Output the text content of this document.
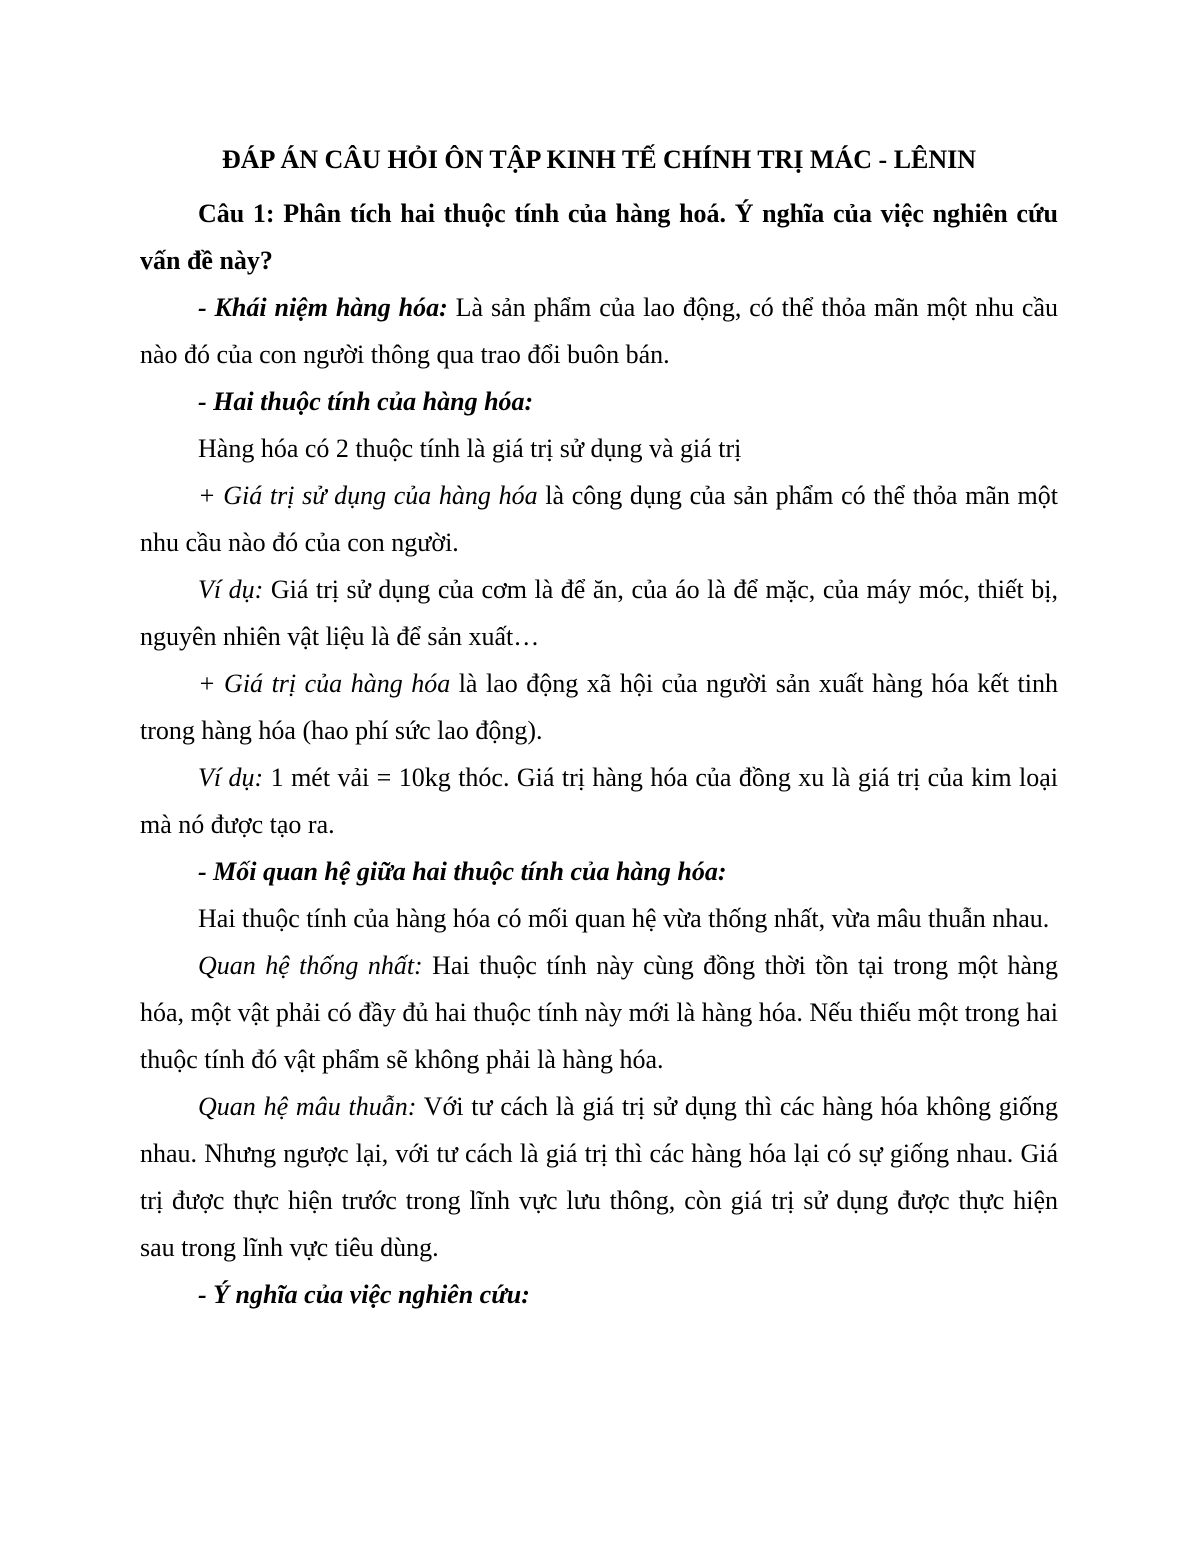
ĐÁP ÁN CÂU HỎI ÔN TẬP KINH TẾ CHÍNH TRỊ MÁC - LÊNIN

Câu 1: Phân tích hai thuộc tính của hàng hoá. Ý nghĩa của việc nghiên cứu vấn đề này?

- Khái niệm hàng hóa: Là sản phẩm của lao động, có thể thỏa mãn một nhu cầu nào đó của con người thông qua trao đổi buôn bán.

- Hai thuộc tính của hàng hóa:

Hàng hóa có 2 thuộc tính là giá trị sử dụng và giá trị

+ Giá trị sử dụng của hàng hóa là công dụng của sản phẩm có thể thỏa mãn một nhu cầu nào đó của con người.

Ví dụ: Giá trị sử dụng của cơm là để ăn, của áo là để mặc, của máy móc, thiết bị, nguyên nhiên vật liệu là để sản xuất…

+ Giá trị của hàng hóa là lao động xã hội của người sản xuất hàng hóa kết tinh trong hàng hóa (hao phí sức lao động).

Ví dụ: 1 mét vải = 10kg thóc. Giá trị hàng hóa của đồng xu là giá trị của kim loại mà nó được tạo ra.

- Mối quan hệ giữa hai thuộc tính của hàng hóa:

Hai thuộc tính của hàng hóa có mối quan hệ vừa thống nhất, vừa mâu thuẫn nhau.

Quan hệ thống nhất: Hai thuộc tính này cùng đồng thời tồn tại trong một hàng hóa, một vật phải có đầy đủ hai thuộc tính này mới là hàng hóa. Nếu thiếu một trong hai thuộc tính đó vật phẩm sẽ không phải là hàng hóa.

Quan hệ mâu thuẫn: Với tư cách là giá trị sử dụng thì các hàng hóa không giống nhau. Nhưng ngược lại, với tư cách là giá trị thì các hàng hóa lại có sự giống nhau. Giá trị được thực hiện trước trong lĩnh vực lưu thông, còn giá trị sử dụng được thực hiện sau trong lĩnh vực tiêu dùng.

- Ý nghĩa của việc nghiên cứu:
